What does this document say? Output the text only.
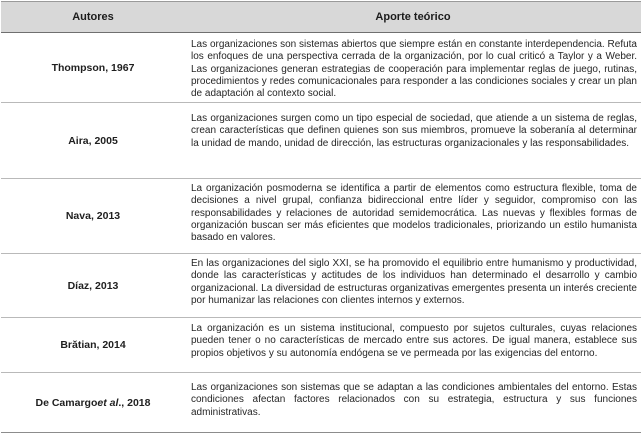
Autores	Aporte teórico
Thompson, 1967
Las organizaciones son sistemas abiertos que siempre están en constante interdependencia. Refuta los enfoques de una perspectiva cerrada de la organización, por lo cual criticó a Taylor y a Weber. Las organizaciones generan estrategias de cooperación para implementar reglas de juego, rutinas, procedimientos y redes comunicacionales para responder a las condiciones sociales y crear un plan de adaptación al contexto social.
Aira, 2005
Las organizaciones surgen como un tipo especial de sociedad, que atiende a un sistema de reglas, crean características que definen quienes son sus miembros, promueve la soberanía al determinar la unidad de mando, unidad de dirección, las estructuras organizacionales y las responsabilidades.
Nava, 2013
La organización posmoderna se identifica a partir de elementos como estructura flexible, toma de decisiones a nivel grupal, confianza bidireccional entre líder y seguidor, compromiso con las responsabilidades y relaciones de autoridad semidemocrática. Las nuevas y flexibles formas de organización buscan ser más eficientes que modelos tradicionales, priorizando un estilo humanista basado en valores.
Díaz, 2013
En las organizaciones del siglo XXI, se ha promovido el equilibrio entre humanismo y productividad, donde las características y actitudes de los individuos han determinado el desarrollo y cambio organizacional. La diversidad de estructuras organizativas emergentes presenta un interés creciente por humanizar las relaciones con clientes internos y externos.
Brătian, 2014
La organización es un sistema institucional, compuesto por sujetos culturales, cuyas relaciones pueden tener o no características de mercado entre sus actores. De igual manera, establece sus propios objetivos y su autonomía endógena se ve permeada por las exigencias del entorno.
De Camargo et al ., 2018
Las organizaciones son sistemas que se adaptan a las condiciones ambientales del entorno. Estas condiciones afectan factores relacionados con su estrategia, estructura y sus funciones administrativas.
